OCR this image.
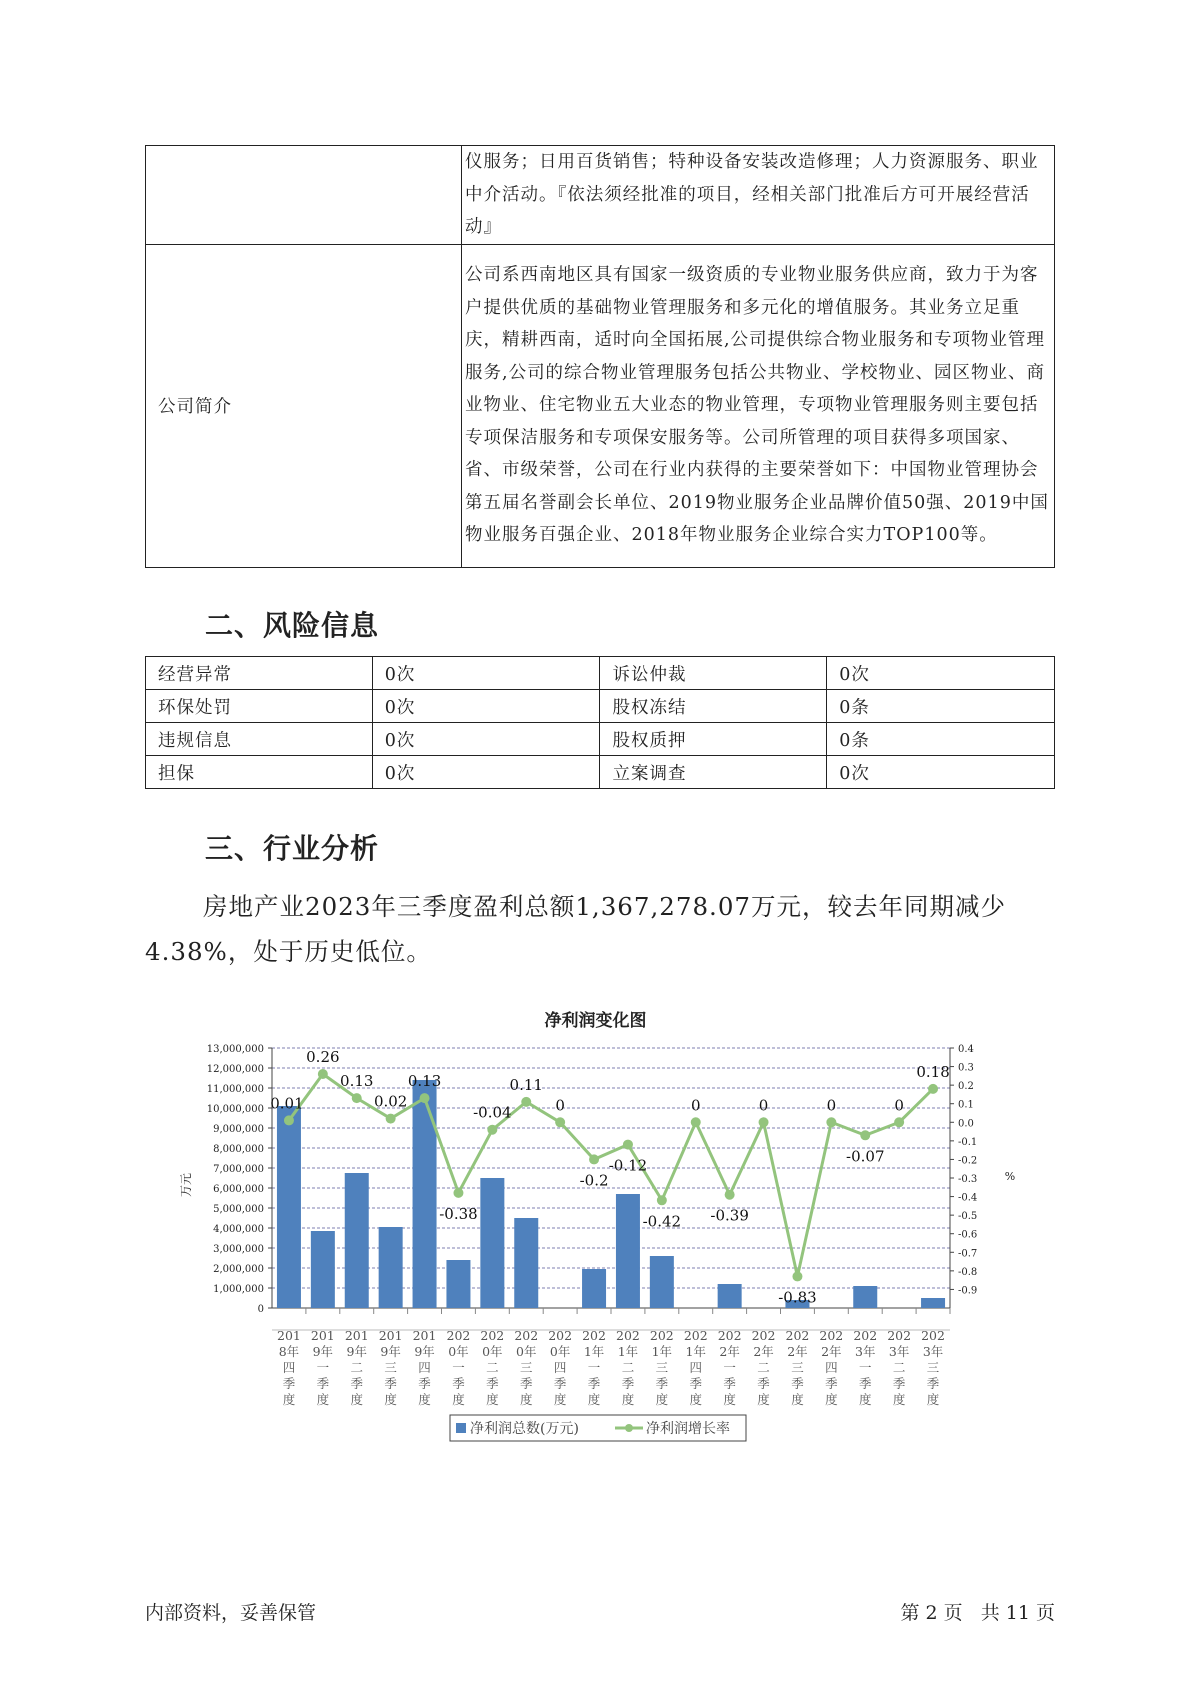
	仪服务；日用百货销售；特种设备安装改造修理；人力资源服务、职业中介活动。『依法须经批准的项目，经相关部门批准后方可开展经营活动』
公司简介	公司系西南地区具有国家一级资质的专业物业服务供应商，致力于为客户提供优质的基础物业管理服务和多元化的增值服务。其业务立足重庆，精耕西南，适时向全国拓展,公司提供综合物业服务和专项物业管理服务,公司的综合物业管理服务包括公共物业、学校物业、园区物业、商业物业、住宅物业五大业态的物业管理，专项物业管理服务则主要包括专项保洁服务和专项保安服务等。公司所管理的项目获得多项国家、省、市级荣誉，公司在行业内获得的主要荣誉如下：中国物业管理协会第五届名誉副会长单位、2019物业服务企业品牌价值50强、2019中国物业服务百强企业、2018年物业服务企业综合实力TOP100等。
二、风险信息
经营异常	0次	诉讼仲裁	0次
环保处罚	0次	股权冻结	0条
违规信息	0次	股权质押	0条
担保	0次	立案调查	0次
三、行业分析
房地产业2023年三季度盈利总额1,367,278.07万元，较去年同期减少4.38%，处于历史低位。
净利润变化图
0
1,000,000
2,000,000
3,000,000
4,000,000
5,000,000
6,000,000
7,000,000
8,000,000
9,000,000
10,000,000
11,000,000
12,000,000
13,000,000	0.4
0.3
0.2
0.1
0.0
-0.1
-0.2
-0.3
-0.4
-0.5
-0.6
-0.7
-0.8
-0.9
万元	%
201
8年
四
季
度
201
9年
一
季
度
201
9年
二
季
度
201
9年
三
季
度
201
9年
四
季
度
202
0年
一
季
度
202
0年
二
季
度
202
0年
三
季
度
202
0年
四
季
度
202
1年
一
季
度
202
1年
二
季
度
202
1年
三
季
度
202
1年
四
季
度
202
2年
一
季
度
202
2年
二
季
度
202
2年
三
季
度
202
2年
四
季
度
202
3年
一
季
度
202
3年
二
季
度
202
3年
三
季
度
0.01
0.26
0.13
0.02
0.13
-0.38
-0.04
0.11
0
-0.2
-0.12
-0.42
0
-0.39
0
-0.83
0
-0.07
0
0.18
净利润总数(万元)	净利润增长率
内部资料，妥善保管	第 2 页   共 11 页
